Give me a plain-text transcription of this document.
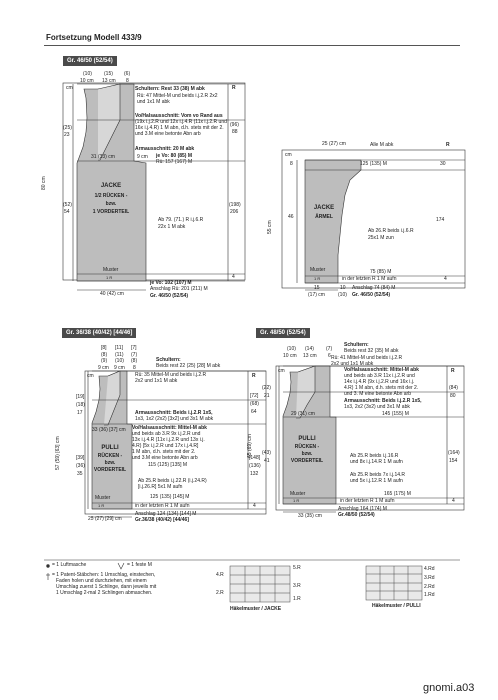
Fortsetzung Modell 433/9
Gr. 46/50 (52/54)
cm
(10) (15) (6)
10 cm 13 cm 8
(25)
23
(52)
54
80 cm
R
(96)
88
(198)
206
Schultern: Rest 33 (38) M abk
Rü: 47 Mittel-M und beids i.j.2.R 2x2
und 1x1 M abk
Vo/Halsausschnitt: Vom vo Rand aus
(19x i.j.2.R und 12x i.j.4.R (11x i.j.2.R und
16x i.j.4.R) 1 M abn, d.h. stets mit der 2.
und 3.M eine betonte Abn arb
Armausschnitt: 20 M abk
31 (33) cm	9 cm je Vo: 80 (85) M
Rü: 157 (167) M
JACKE
1/2 RÜCKEN -
bzw.
1 VORDERTEIL
Ab 79. (71.) R i.j.6.R
22x 1 M abk
Muster
1 R	4
je Vo: 102 (107) M
Anschlag Rü: 201 (211) M
Gr. 46/50 (52/54)
40 (42) cm
cm
25 (27) cm	Alle M abk	R
8	125 (135) M	30
46
55 cm
JACKE
ÄRMEL
Ab 26.R beids i.j.6.R
25x1 M zun
174
75 (85) M
Muster
1 R	in der letzten R 1 M aufn	4
15
(17) cm
10
(10)
Anschlag 74 (84) M
Gr. 46/50 (52/54)
Gr. 36/38 (40/42) [44/46]
cm
[8] [11] [7]
(8) (11) (7)
(9) (10) (8)
9 cm 9 cm 8
[19]
(18)
17
[39]
(36)
35
57 (59) [63] cm
R
[72]
(68)
64
[148]
(136)
132
Schultern:
Beids rest 22 (25) [28] M abk
Rü: 35 Mittel-M und beids i.j.2.R
2x2 und 1x1 M abk
Armausschnitt: Beids i.j.2.R 1x5,
1x3, 1x2 (2x2) [3x2] und 3x1 M abk
Vo/Halsausschnitt: Mittel-M abk
und beids ab 3.R 9x i.j.2.R und
13x i.j.4.R (11x i.j.2.R und 13x i.j.
4.R) [5x i.j.2.R und 17x i.j.4.R]
1 M abn, d.h. stets mit der 2.
und 3.M eine betonte Abn arb
33 (36) [37] cm
115 (125) [135] M
PULLI
RÜCKEN -
bzw.
VORDERTEIL
Ab 25.R beids i.j.22.R (i.j.24.R)
[i.j.26.R] 5x1 M aufn
125 (135) [145] M
Muster
1 R	in der letzten R 1 M aufn	4
25 (27) [29] cm
Anschlag 124 (134) [144] M
Gr.36/38 (40/42) [44/46]
Gr. 48/50 (52/54)
cm
(10) (14) (7)
10 cm 13 cm 6
(22)
21
(43)
41
65 (69) cm
R
(84)
80
(164)
154
Schultern:
Beids rest 32 (35) M abk
Rü: 41 Mittel-M und beids i.j.2.R
2x2 und 1x1 M abk
Vo/Halsausschnitt: Mittel-M abk
und beids ab 3.R 11x i.j.2.R und
14x i.j.4.R (9x i.j.2.R und 16x i.j.
4.R) 1 M abn, d.h. stets mit der 2.
und 3. M eine betonte Abn arb
Armausschnitt: Beids i.j.2.R 1x5,
1x3, 2x2 (3x2) und 3x1 M abk
29 (31) cm	145 (155) M
PULLI
RÜCKEN -
bzw.
VORDERTEIL
Ab 25.R beids i.j.16.R
und 8x i.j.14.R 1 M aufn
Ab 25.R beids 7x i.j.14.R
und 5x i.j.12.R 1 M aufn
165 (175) M
Muster
1 R	in der letzten R 1 M aufn	4
33 (35) cm
Anschlag 164 (174) M
Gr.48/50 (52/54)
= 1 Luftmasche	= 1 feste M
= 1 Patent-Stäbchen: 1 Umschlag, einstechen,
Faden holen und durchziehen, mit einem
Umschlag zuerst 1 Schlinge, dann jeweils mit
1 Umschlag 2-mal 2 Schlingen abmaschen.
4.R
2.R
5.R
3.R
1.R
Häkelmuster / JACKE
4.Rd
3.Rd
2.Rd
1.Rd
Häkelmuster / PULLI
gnomi.a03
